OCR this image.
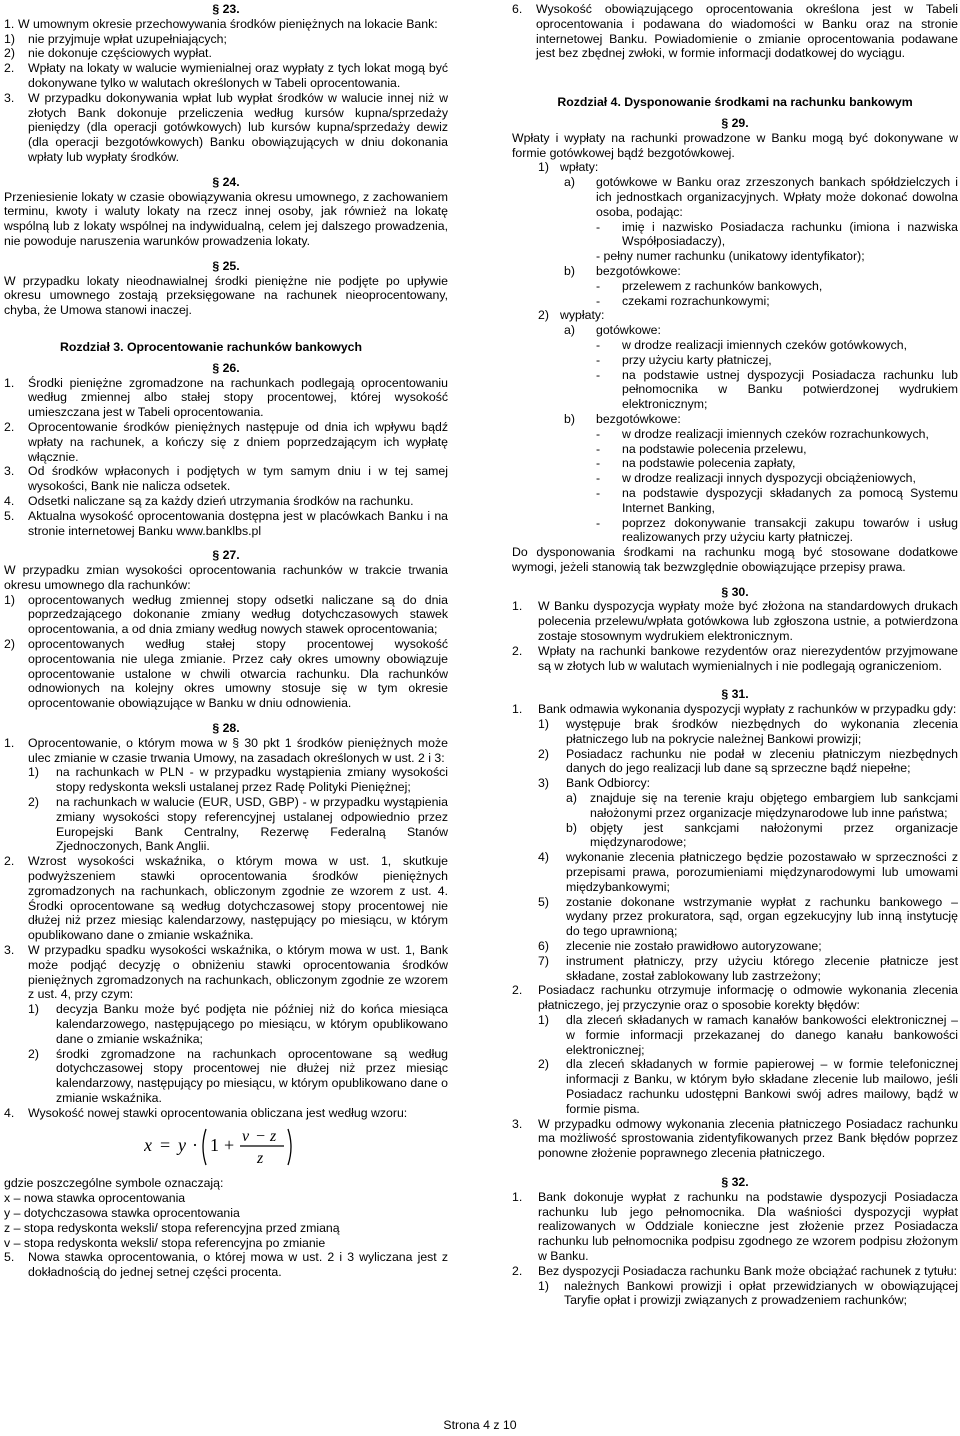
§ 23.

1. W umownym okresie przechowywania środków pieniężnych na lokacie Bank:
1)	nie przyjmuje wpłat uzupełniających;
2)	nie dokonuje częściowych wypłat.
2.	Wpłaty na lokaty w walucie wymienialnej oraz wypłaty z tych lokat mogą być dokonywane tylko w walutach określonych w Tabeli oprocentowania.
3.	W przypadku dokonywania wpłat lub wypłat środków w walucie innej niż w złotych Bank dokonuje przeliczenia według kursów kupna/sprzedaży pieniędzy (dla operacji gotówkowych) lub kursów kupna/sprzedaży dewiz (dla operacji bezgotówkowych) Banku obowiązujących w dniu dokonania wpłaty lub wypłaty środków.

§ 24.

Przeniesienie lokaty w czasie obowiązywania okresu umownego, z zachowaniem terminu, kwoty i waluty lokaty na rzecz innej osoby, jak również na lokatę wspólną lub z lokaty wspólnej na indywidualną, celem jej dalszego prowadzenia, nie powoduje naruszenia warunków prowadzenia lokaty.

§ 25.

W przypadku lokaty nieodnawialnej środki pieniężne nie podjęte po upływie okresu umownego zostają przeksięgowane na rachunek nieoprocentowany, chyba, że Umowa stanowi inaczej.

Rozdział 3. Oprocentowanie rachunków bankowych

§ 26.

1.	Środki pieniężne zgromadzone na rachunkach podlegają oprocentowaniu według zmiennej albo stałej stopy procentowej, której wysokość umieszczana jest w Tabeli oprocentowania.
2.	Oprocentowanie środków pieniężnych następuje od dnia ich wpływu bądź wpłaty na rachunek, a kończy się z dniem poprzedzającym ich wypłatę włącznie.
3.	Od środków wpłaconych i podjętych w tym samym dniu i w tej samej wysokości, Bank nie nalicza odsetek.
4.	Odsetki naliczane są za każdy dzień utrzymania środków na rachunku.
5.	Aktualna wysokość oprocentowania dostępna jest w placówkach Banku i na stronie internetowej Banku www.banklbs.pl

§ 27.

W przypadku zmian wysokości oprocentowania rachunków w trakcie trwania okresu umownego dla rachunków:

1)	oprocentowanych według zmiennej stopy odsetki naliczane są do dnia poprzedzającego dokonanie zmiany według dotychczasowych stawek oprocentowania, a od dnia zmiany według nowych stawek oprocentowania;
2)	oprocentowanych według stałej stopy procentowej wysokość oprocentowania nie ulega zmianie. Przez cały okres umowny obowiązuje oprocentowanie ustalone w chwili otwarcia rachunku. Dla rachunków odnowionych na kolejny okres umowny stosuje się w tym okresie oprocentowanie obowiązujące w Banku w dniu odnowienia.

§ 28.

1.	Oprocentowanie, o którym mowa w § 30 pkt 1 środków pieniężnych może ulec zmianie w czasie trwania Umowy, na zasadach określonych w ust. 2 i 3:
1)	na rachunkach w PLN - w przypadku wystąpienia zmiany wysokości stopy redyskonta weksli ustalanej przez Radę Polityki Pieniężnej;
2)	na rachunkach w walucie (EUR, USD, GBP) - w przypadku wystąpienia zmiany wysokości stopy referencyjnej ustalanej odpowiednio przez Europejski Bank Centralny, Rezerwę Federalną Stanów Zjednoczonych, Bank Anglii.
2.	Wzrost wysokości wskaźnika, o którym mowa w ust. 1, skutkuje podwyższeniem stawki oprocentowania środków pieniężnych zgromadzonych na rachunkach, obliczonym zgodnie ze wzorem z ust. 4. Środki oprocentowane są według dotychczasowej stopy procentowej nie dłużej niż przez miesiąc kalendarzowy, następujący po miesiącu, w którym opublikowano dane o zmianie wskaźnika.
3.	W przypadku spadku wysokości wskaźnika, o którym mowa w ust. 1, Bank może podjąć decyzję o obniżeniu stawki oprocentowania środków pieniężnych zgromadzonych na rachunkach, obliczonym zgodnie ze wzorem z ust. 4, przy czym:
1)	decyzja Banku może być podjęta nie później niż do końca miesiąca kalendarzowego, następującego po miesiącu, w którym opublikowano dane o zmianie wskaźnika;
2)	środki zgromadzone na rachunkach oprocentowane są według dotychczasowej stopy procentowej nie dłużej niż przez miesiąc kalendarzowy, następujący po miesiącu, w którym opublikowano dane o zmianie wskaźnika.
4.	Wysokość nowej stawki oprocentowania obliczana jest według wzoru:
x = y · 1 + v − z
z

gdzie poszczególne symbole oznaczają:

x – nowa stawka oprocentowania

y – dotychczasowa stawka oprocentowania

z – stopa redyskonta weksli/ stopa referencyjna przed zmianą

v – stopa redyskonta weksli/ stopa referencyjna po zmianie

5.	Nowa stawka oprocentowania, o której mowa w ust. 2 i 3 wyliczana jest z dokładnością do jednej setnej części procenta.
6.	Wysokość obowiązującego oprocentowania określona jest w Tabeli oprocentowania i podawana do wiadomości w Banku oraz na stronie internetowej Banku. Powiadomienie o zmianie oprocentowania podawane jest bez zbędnej zwłoki, w formie informacji dodatkowej do wyciągu.

Rozdział 4. Dysponowanie środkami na rachunku bankowym

§ 29.

Wpłaty i wypłaty na rachunki prowadzone w Banku mogą być dokonywane w formie gotówkowej bądź bezgotówkowej.

1) wpłaty:
a)	gotówkowe w Banku oraz zrzeszonych bankach spółdzielczych i ich jednostkach organizacyjnych. Wpłaty może dokonać dowolna osoba, podając:
-	imię i nazwisko Posiadacza rachunku (imiona i nazwiska Współposiadaczy),
- pełny numer rachunku (unikatowy identyfikator);
b)	bezgotówkowe:
-	przelewem z rachunków bankowych,
-	czekami rozrachunkowymi;
2) wypłaty:
a)	gotówkowe:
-	w drodze realizacji imiennych czeków gotówkowych,
-	przy użyciu karty płatniczej,
-	na podstawie ustnej dyspozycji Posiadacza rachunku lub pełnomocnika w Banku potwierdzonej wydrukiem elektronicznym;
b)	bezgotówkowe:
-	w drodze realizacji imiennych czeków rozrachunkowych,
-	na podstawie polecenia przelewu,
-	na podstawie polecenia zapłaty,
-	w drodze realizacji innych dyspozycji obciążeniowych,
-	na podstawie dyspozycji składanych za pomocą Systemu Internet Banking,
-	poprzez dokonywanie transakcji zakupu towarów i usług realizowanych przy użyciu karty płatniczej.

Do dysponowania środkami na rachunku mogą być stosowane dodatkowe wymogi, jeżeli stanowią tak bezwzględnie obowiązujące przepisy prawa.

§ 30.

1.	W Banku dyspozycja wypłaty może być złożona na standardowych drukach polecenia przelewu/wpłata gotówkowa lub zgłoszona ustnie, a potwierdzona zostaje stosownym wydrukiem elektronicznym.
2.	Wpłaty na rachunki bankowe rezydentów oraz nierezydentów przyjmowane są w złotych lub w walutach wymienialnych i nie podlegają ograniczeniom.

§ 31.

1.	Bank odmawia wykonania dyspozycji wypłaty z rachunków w przypadku gdy:
1)	występuje brak środków niezbędnych do wykonania zlecenia płatniczego lub na pokrycie należnej Bankowi prowizji;
2)	Posiadacz rachunku nie podał w zleceniu płatniczym niezbędnych danych do jego realizacji lub dane są sprzeczne bądź niepełne;
3)	Bank Odbiorcy:
a)	znajduje się na terenie kraju objętego embargiem lub sankcjami nałożonymi przez organizacje międzynarodowe lub inne państwa;
b)	objęty jest sankcjami nałożonymi przez organizacje międzynarodowe;
4)	wykonanie zlecenia płatniczego będzie pozostawało w sprzeczności z przepisami prawa, porozumieniami międzynarodowymi lub umowami międzybankowymi;
5)	zostanie dokonane wstrzymanie wypłat z rachunku bankowego – wydany przez prokuratora, sąd, organ egzekucyjny lub inną instytucję do tego uprawnioną;
6)	zlecenie nie zostało prawidłowo autoryzowane;
7)	instrument płatniczy, przy użyciu którego zlecenie płatnicze jest składane, został zablokowany lub zastrzeżony;
2.	Posiadacz rachunku otrzymuje informację o odmowie wykonania zlecenia płatniczego, jej przyczynie oraz o sposobie korekty błędów:
1)	dla zleceń składanych w ramach kanałów bankowości elektronicznej – w formie informacji przekazanej do danego kanału bankowości elektronicznej;
2)	dla zleceń składanych w formie papierowej – w formie telefonicznej informacji z Banku, w którym było składane zlecenie lub mailowo, jeśli Posiadacz rachunku udostępni Bankowi swój adres mailowy, bądź w formie pisma.
3.	W przypadku odmowy wykonania zlecenia płatniczego Posiadacz rachunku ma możliwość sprostowania zidentyfikowanych przez Bank błędów poprzez ponowne złożenie poprawnego zlecenia płatniczego.

§ 32.

1.	Bank dokonuje wypłat z rachunku na podstawie dyspozycji Posiadacza rachunku lub jego pełnomocnika. Dla waśniości dyspozycji wypłat realizowanych w Oddziale konieczne jest złożenie przez Posiadacza rachunku lub pełnomocnika podpisu zgodnego ze wzorem podpisu złożonym w Banku.
2.	Bez dyspozycji Posiadacza rachunku Bank może obciążać rachunek z tytułu:
1)	należnych Bankowi prowizji i opłat przewidzianych w obowiązującej Taryfie opłat i prowizji związanych z prowadzeniem rachunków;
Strona 4 z 10
